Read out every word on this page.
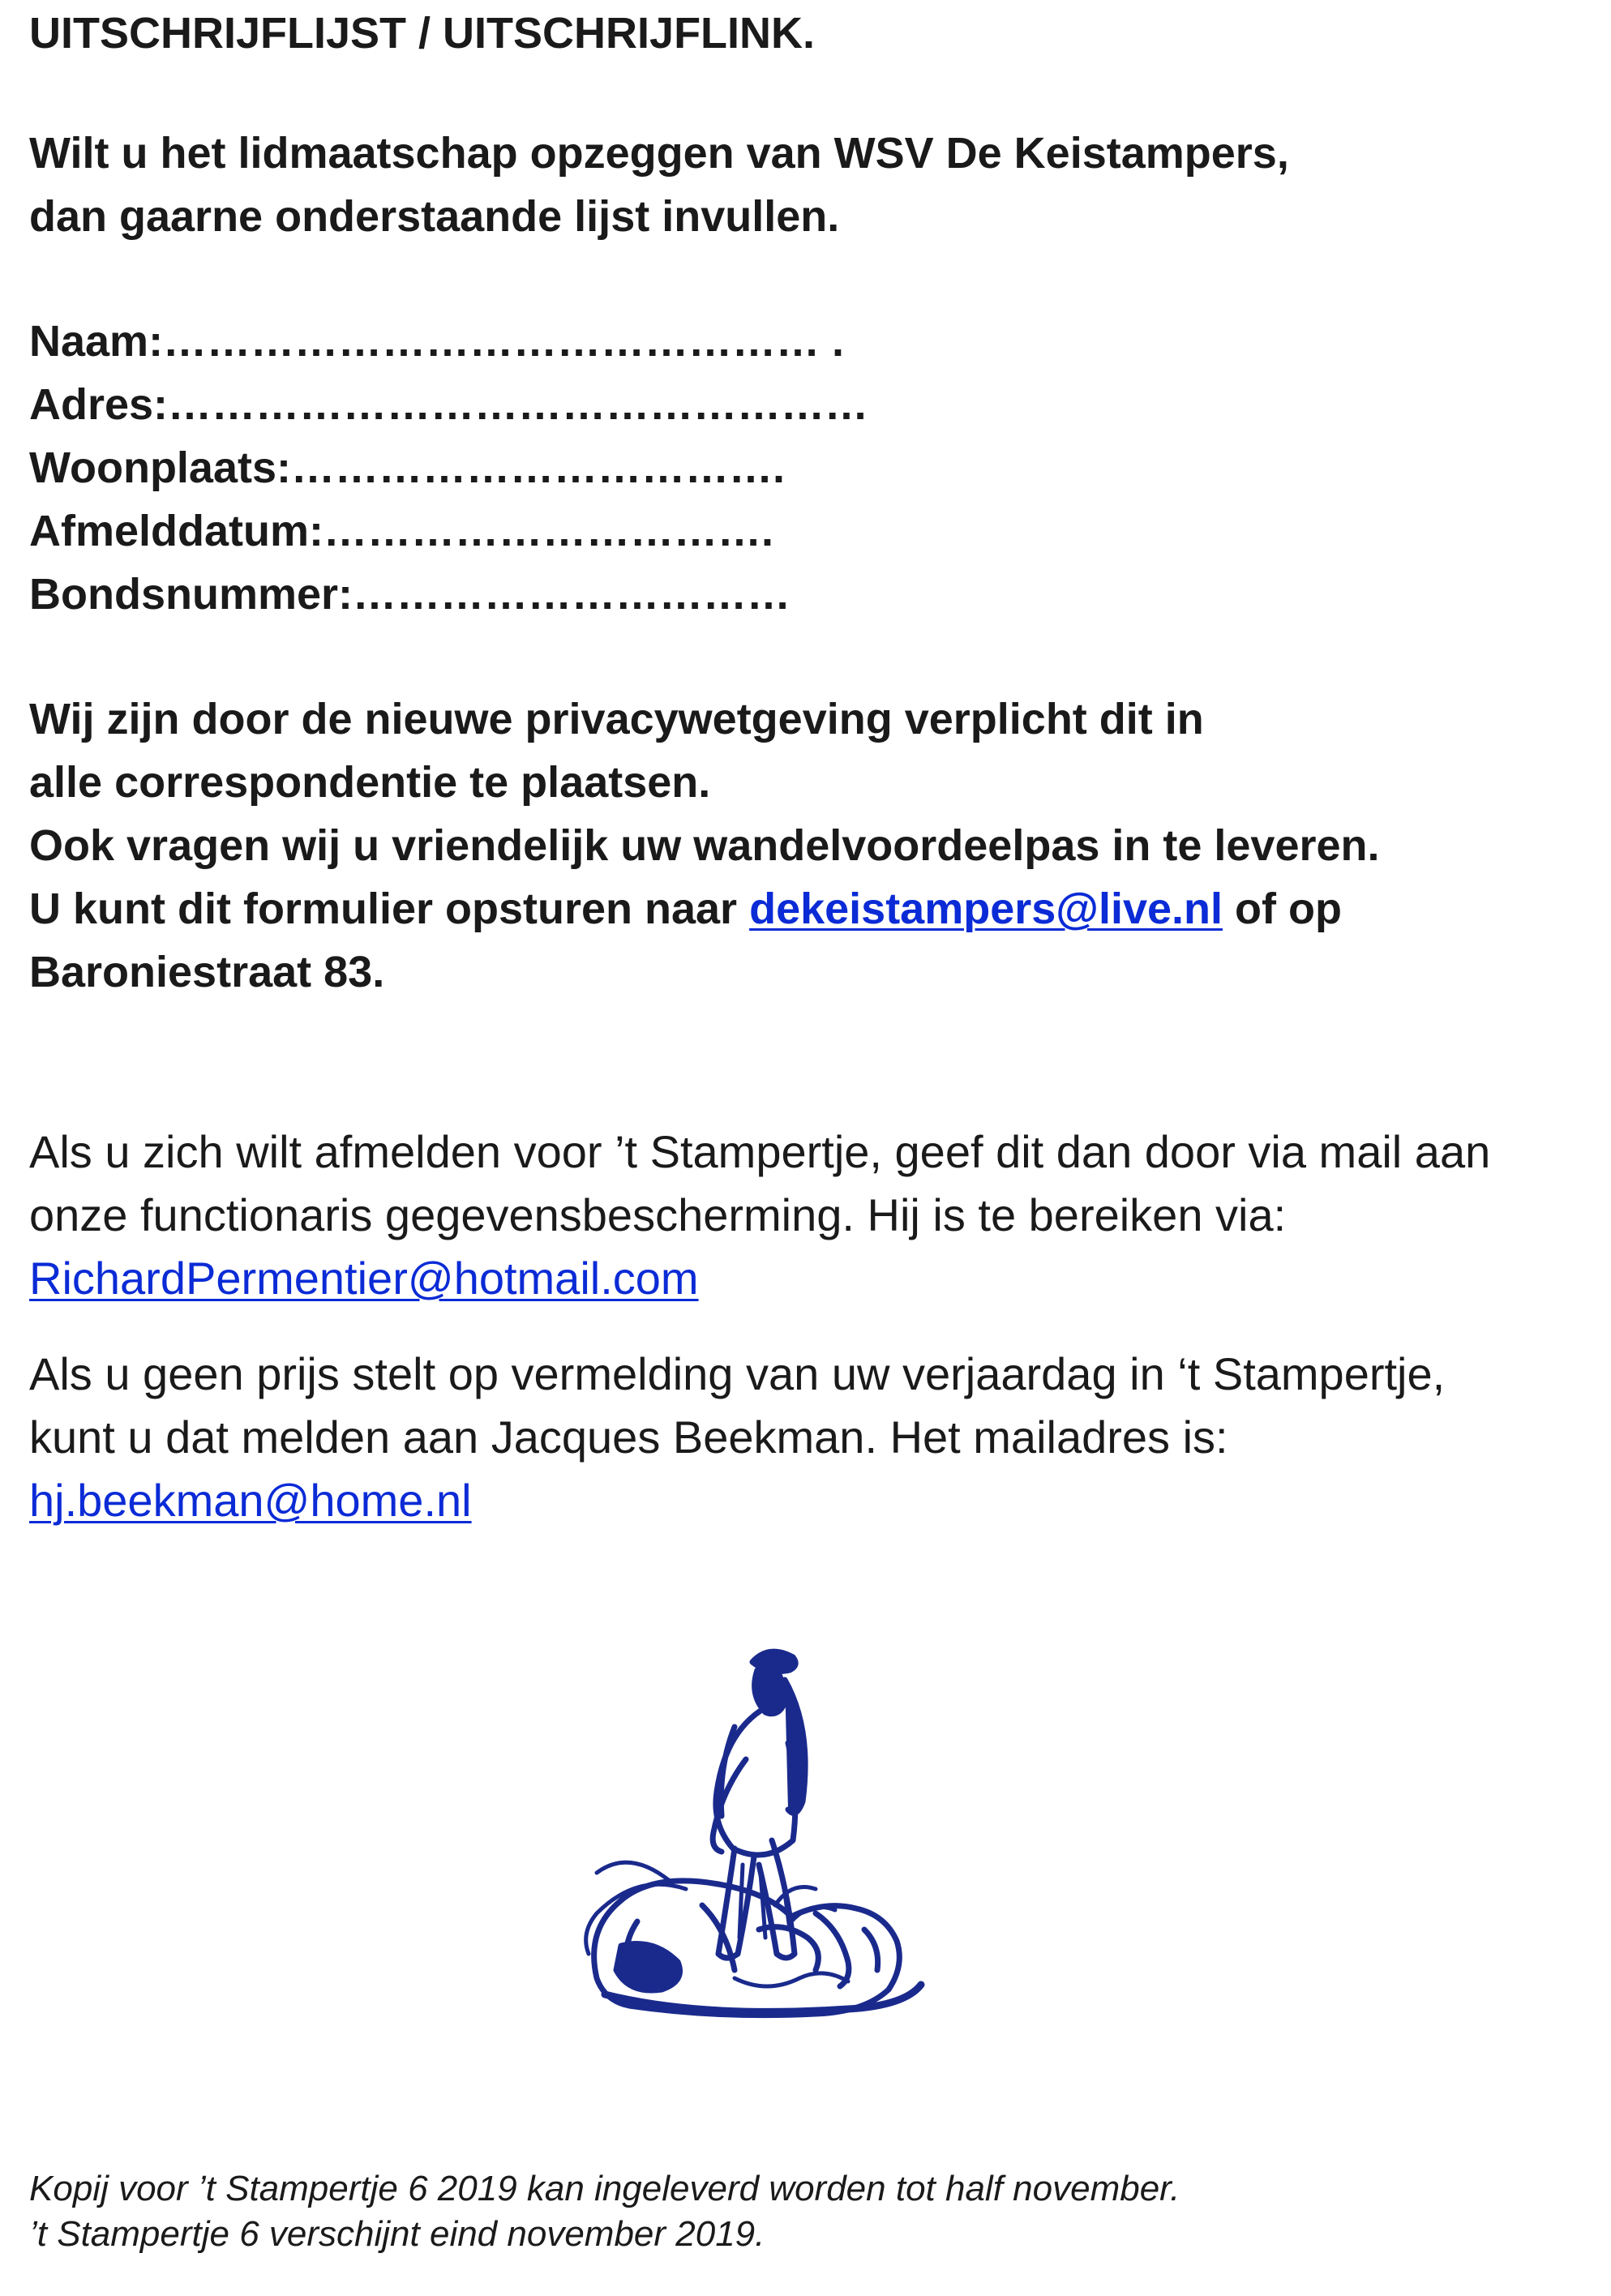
UITSCHRIJFLIJST / UITSCHRIJFLINK.
Wilt u het lidmaatschap opzeggen van WSV De Keistampers,
dan gaarne onderstaande lijst invullen.
Naam:……………………………………… .
Adres:…………………………………………
Woonplaats:…………………………….
Afmelddatum:………………………….
Bondsnummer:…………………………
Wij zijn door de nieuwe privacywetgeving verplicht dit in
alle correspondentie te plaatsen.
Ook vragen wij u vriendelijk uw wandelvoordeelpas in te leveren.
U kunt dit formulier opsturen naar dekeistampers@live.nl of op
Baroniestraat 83.
Als u zich wilt afmelden voor ’t Stampertje, geef dit dan door via mail aan
onze functionaris gegevensbescherming. Hij is te bereiken via:
RichardPermentier@hotmail.com
Als u geen prijs stelt op vermelding van uw verjaardag in ‘t Stampertje,
kunt u dat melden aan Jacques Beekman. Het mailadres is:
hj.beekman@home.nl
Kopij voor ’t Stampertje 6 2019 kan ingeleverd worden tot half november.
’t Stampertje 6 verschijnt eind november 2019.
